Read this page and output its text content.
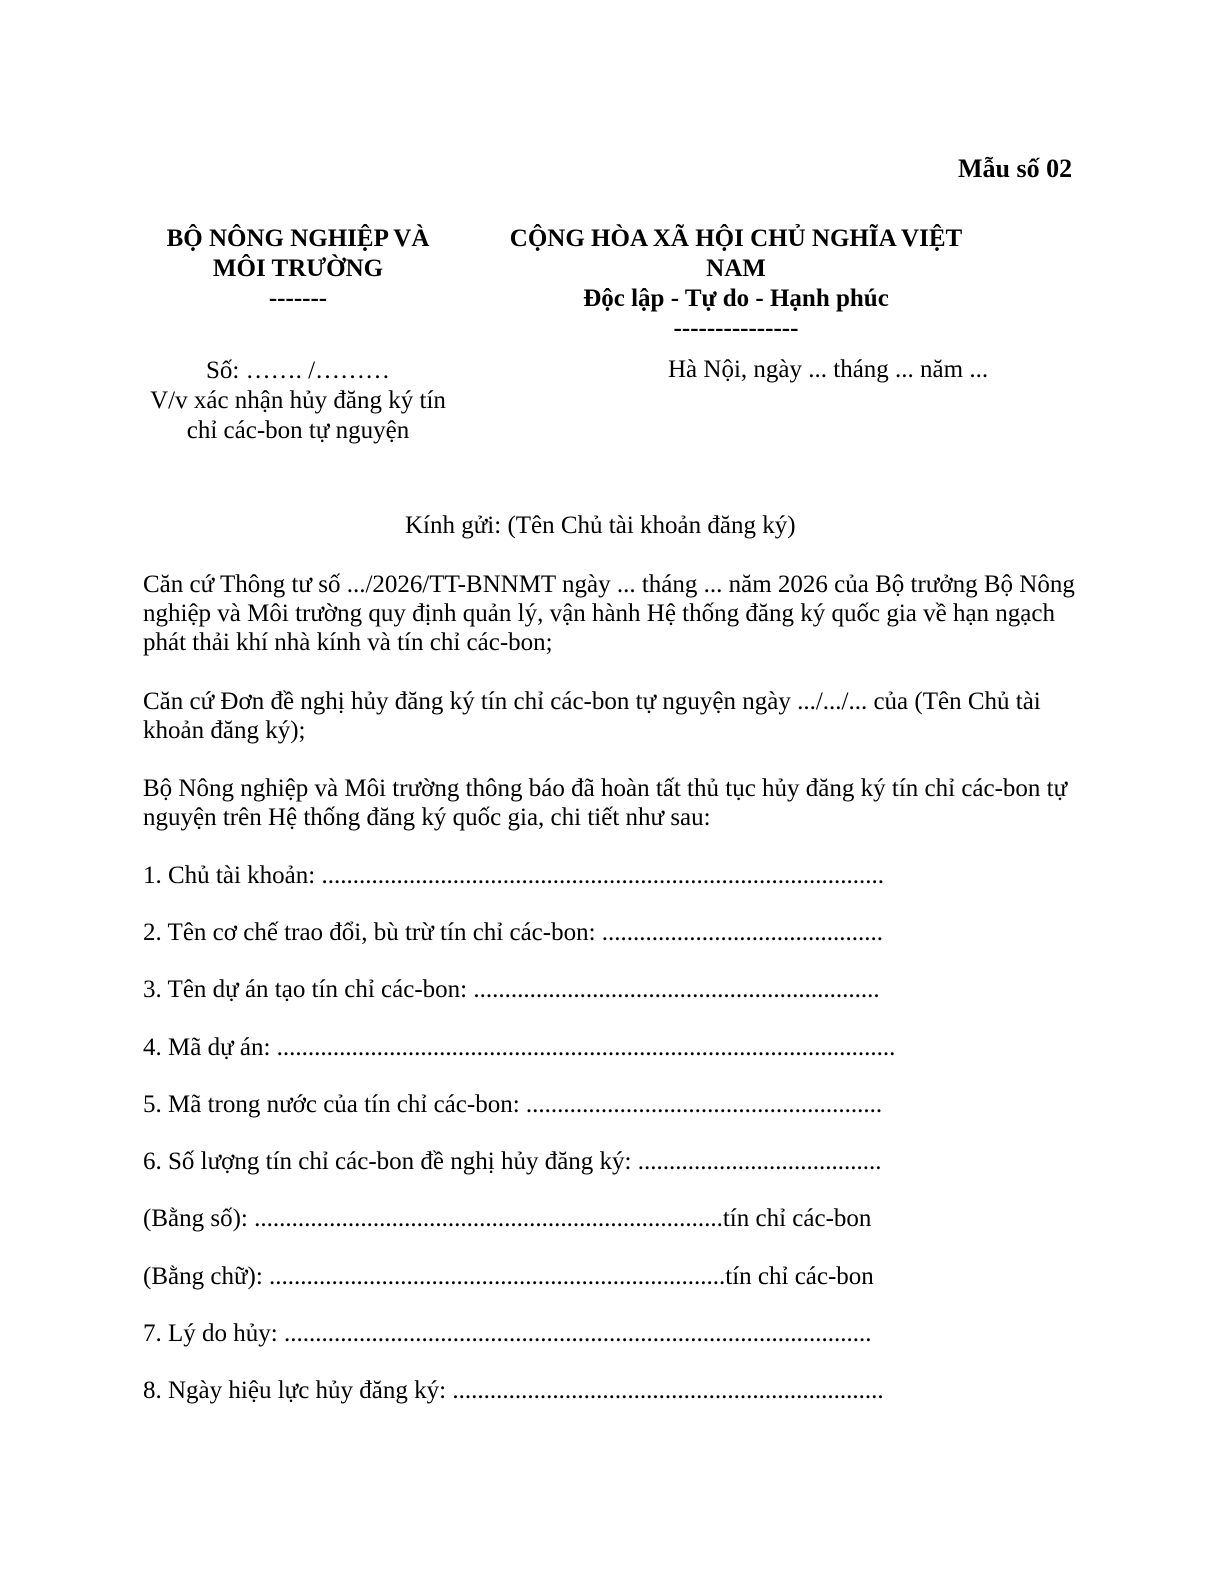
Mẫu số 02
BỘ NÔNG NGHIỆP VÀ
MÔI TRƯỜNG
-------
CỘNG HÒA XÃ HỘI CHỦ NGHĨA VIỆT
NAM
Độc lập - Tự do - Hạnh phúc
---------------
Số: ……. /………
V/v xác nhận hủy đăng ký tín
chỉ các-bon tự nguyện
Hà Nội, ngày ... tháng ... năm ...
Kính gửi: (Tên Chủ tài khoản đăng ký)
Căn cứ Thông tư số .../2026/TT-BNNMT ngày ... tháng ... năm 2026 của Bộ trưởng Bộ Nông nghiệp và Môi trường quy định quản lý, vận hành Hệ thống đăng ký quốc gia về hạn ngạch phát thải khí nhà kính và tín chỉ các-bon;
Căn cứ Đơn đề nghị hủy đăng ký tín chỉ các-bon tự nguyện ngày .../.../... của (Tên Chủ tài khoản đăng ký);
Bộ Nông nghiệp và Môi trường thông báo đã hoàn tất thủ tục hủy đăng ký tín chỉ các-bon tự nguyện trên Hệ thống đăng ký quốc gia, chi tiết như sau:
1. Chủ tài khoản: ..........................................................................................
2. Tên cơ chế trao đổi, bù trừ tín chỉ các-bon: .............................................
3. Tên dự án tạo tín chỉ các-bon: .................................................................
4. Mã dự án: ...................................................................................................
5. Mã trong nước của tín chỉ các-bon: .........................................................
6. Số lượng tín chỉ các-bon đề nghị hủy đăng ký: .......................................
(Bằng số): ...........................................................................tín chỉ các-bon
(Bằng chữ): .........................................................................tín chỉ các-bon
7. Lý do hủy: ..............................................................................................
8. Ngày hiệu lực hủy đăng ký: .....................................................................
